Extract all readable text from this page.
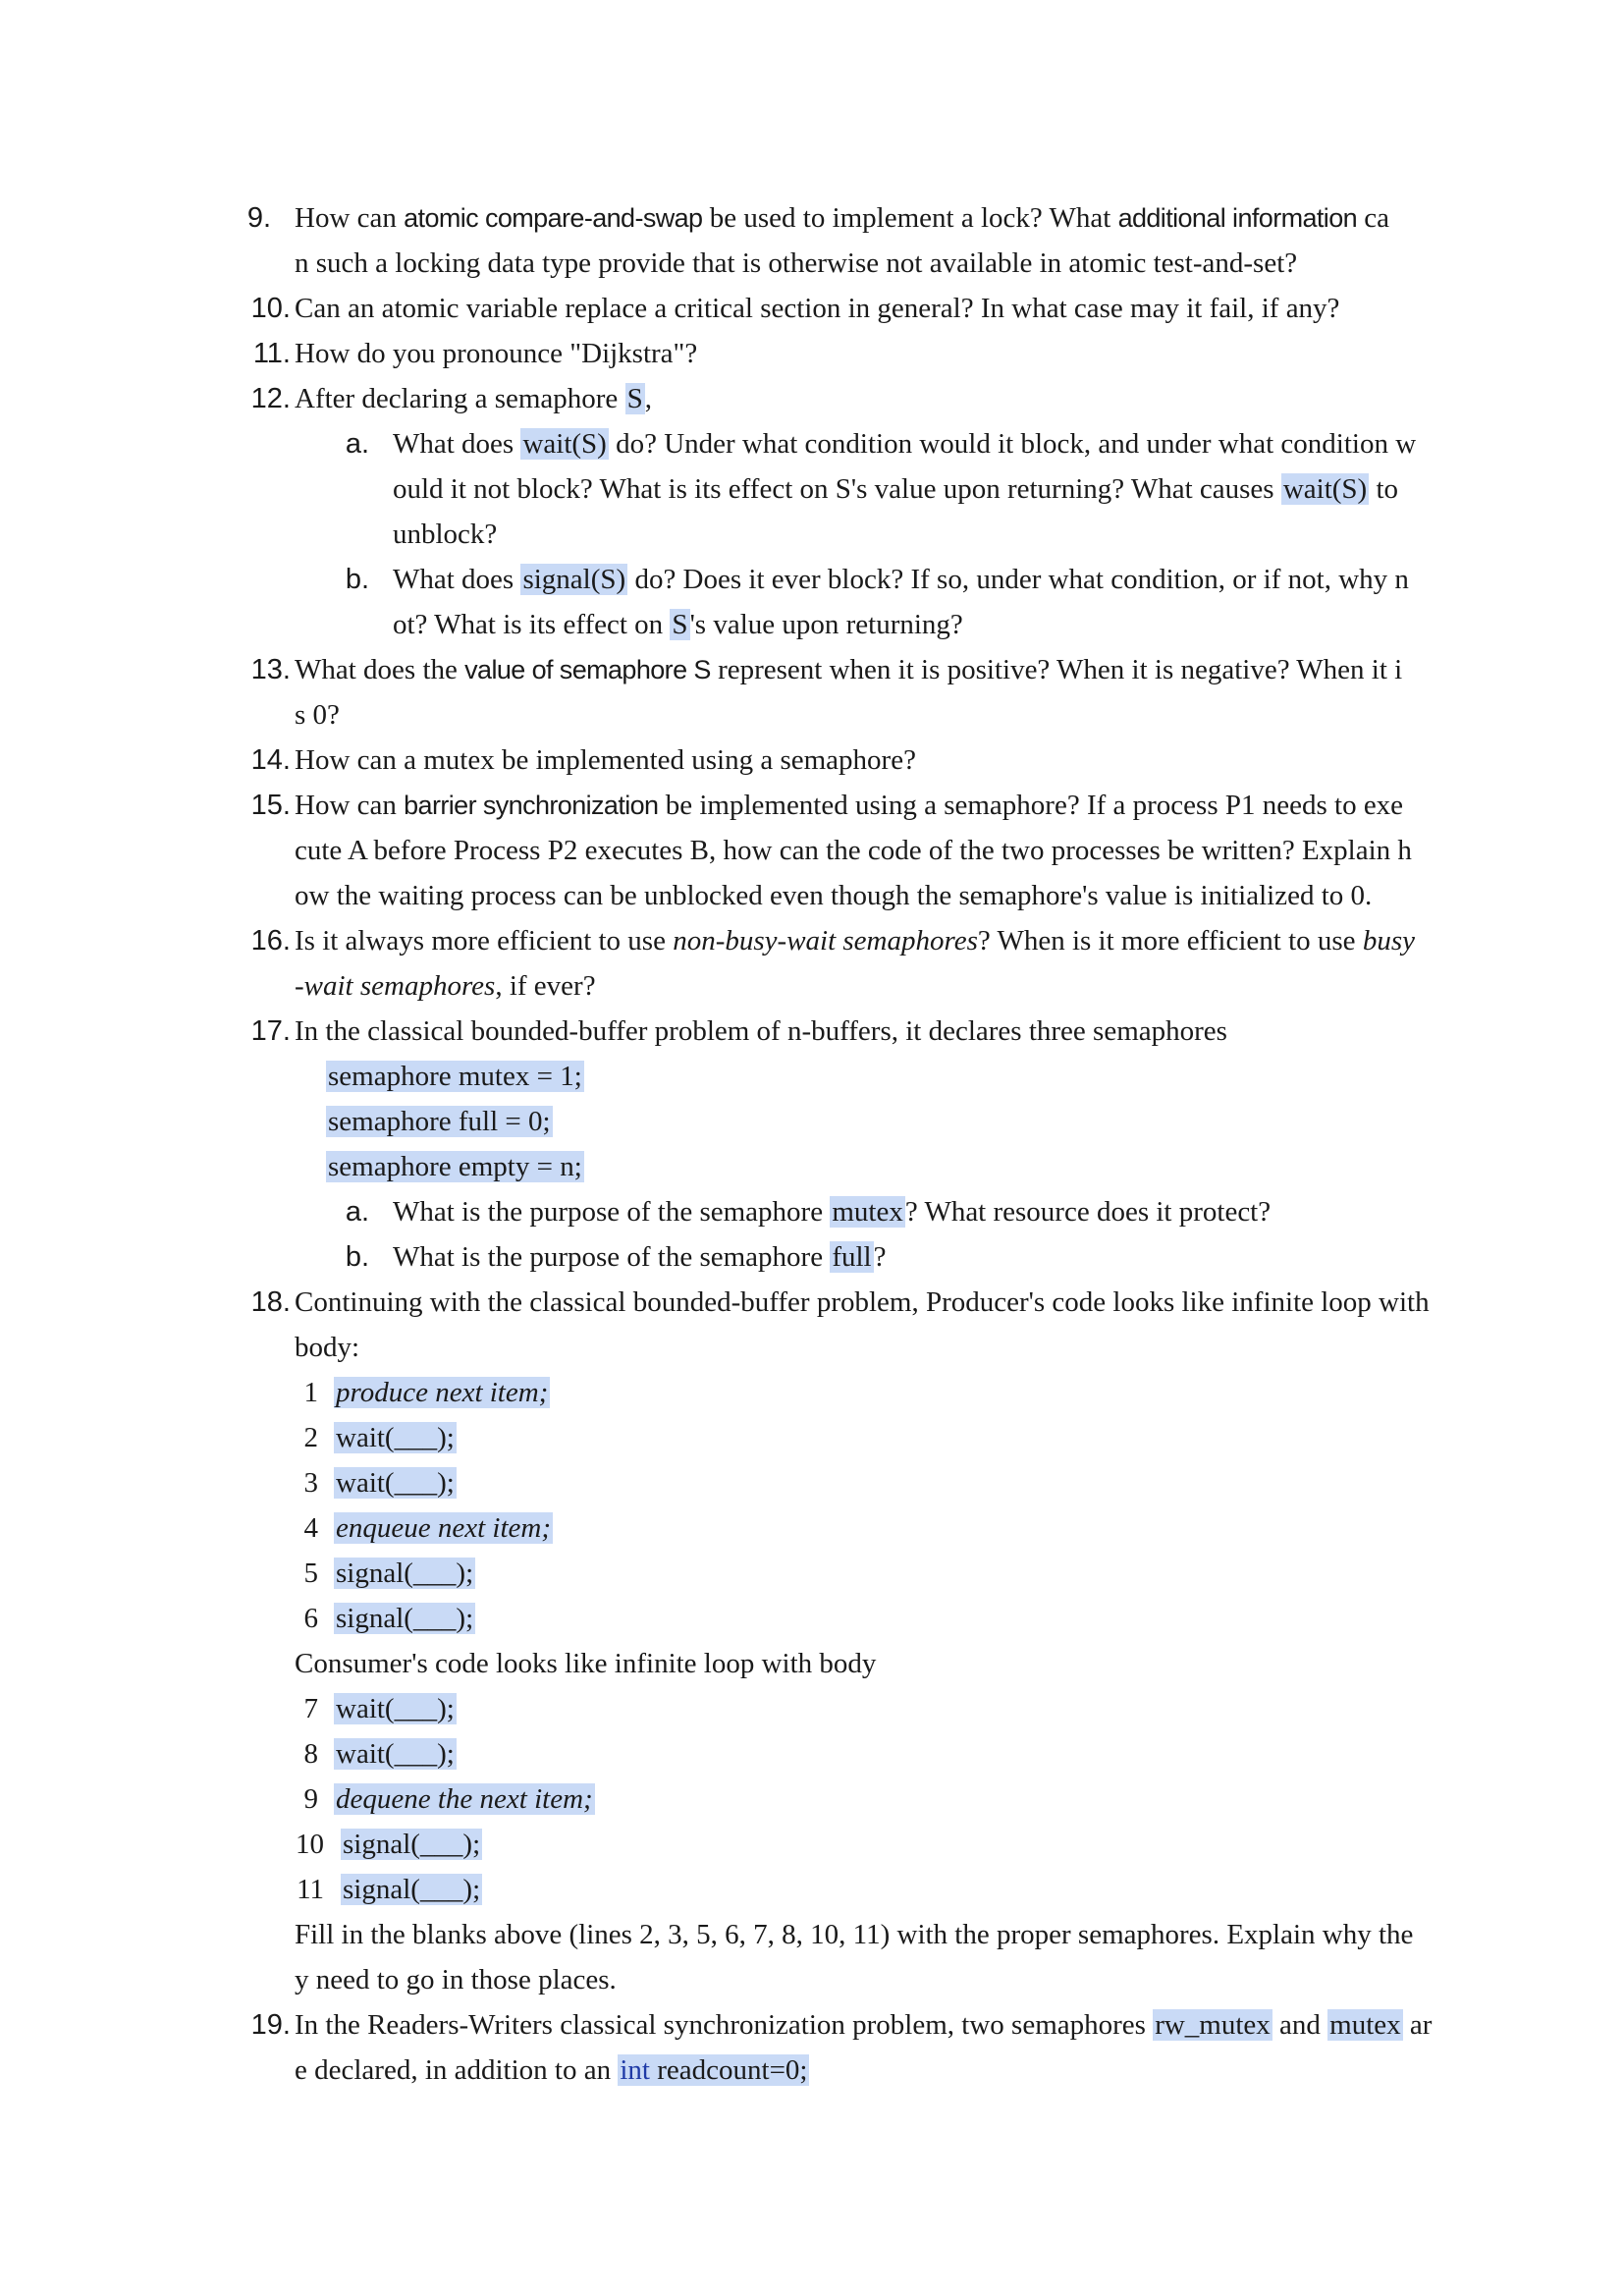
9. How can atomic compare-and-swap be used to implement a lock? What additional information ca
n such a locking data type provide that is otherwise not available in atomic test-and-set?
10. Can an atomic variable replace a critical section in general? In what case may it fail, if any?
11. How do you pronounce "Dijkstra"?
12. After declaring a semaphore S,
a. What does wait(S) do? Under what condition would it block, and under what condition w
ould it not block? What is its effect on S's value upon returning? What causes wait(S) to
unblock?
b. What does signal(S) do? Does it ever block? If so, under what condition, or if not, why n
ot? What is its effect on S's value upon returning?
13. What does the value of semaphore S represent when it is positive? When it is negative? When it i
s 0?
14. How can a mutex be implemented using a semaphore?
15. How can barrier synchronization be implemented using a semaphore? If a process P1 needs to exe
cute A before Process P2 executes B, how can the code of the two processes be written? Explain h
ow the waiting process can be unblocked even though the semaphore's value is initialized to 0.
16. Is it always more efficient to use non-busy-wait semaphores? When is it more efficient to use busy
-wait semaphores, if ever?
17. In the classical bounded-buffer problem of n-buffers, it declares three semaphores
semaphore mutex = 1;
semaphore full = 0;
semaphore empty = n;
a. What is the purpose of the semaphore mutex? What resource does it protect?
b. What is the purpose of the semaphore full?
18. Continuing with the classical bounded-buffer problem, Producer's code looks like infinite loop with
body:
1 produce next item;
2 wait(___);
3 wait(___);
4 enqueue next item;
5 signal(___);
6 signal(___);
Consumer's code looks like infinite loop with body
7 wait(___);
8 wait(___);
9 dequene the next item;
10 signal(___);
11 signal(___);
Fill in the blanks above (lines 2, 3, 5, 6, 7, 8, 10, 11) with the proper semaphores. Explain why the
y need to go in those places.
19. In the Readers-Writers classical synchronization problem, two semaphores rw_mutex and mutex ar
e declared, in addition to an int readcount=0;
